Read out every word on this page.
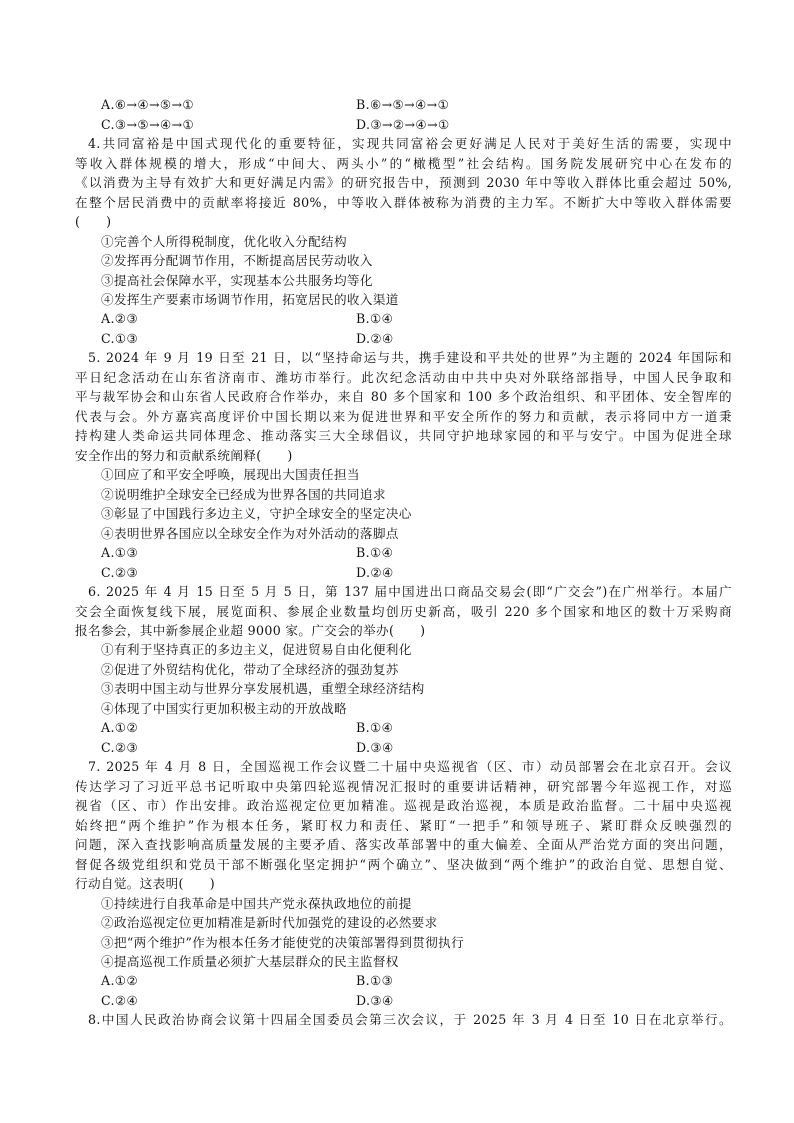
A.⑥→④→⑤→①	B.⑥→⑤→④→①
C.③→⑤→④→①	D.③→②→④→①
4.共同富裕是中国式现代化的重要特征，实现共同富裕会更好满足人民对于美好生活的需要，实现中
等收入群体规模的增大，形成“中间大、两头小”的“橄榄型”社会结构。国务院发展研究中心在发布的
《以消费为主导有效扩大和更好满足内需》的研究报告中，预测到 2030 年中等收入群体比重会超过 50%,
在整个居民消费中的贡献率将接近 80%，中等收入群体被称为消费的主力军。不断扩大中等收入群体需要
(　　)
①完善个人所得税制度，优化收入分配结构
②发挥再分配调节作用，不断提高居民劳动收入
③提高社会保障水平，实现基本公共服务均等化
④发挥生产要素市场调节作用，拓宽居民的收入渠道
A.②③	B.①④
C.①③	D.②④
5. 2024 年 9 月 19 日至 21 日，以“坚持命运与共，携手建设和平共处的世界”为主题的 2024 年国际和
平日纪念活动在山东省济南市、潍坊市举行。此次纪念活动由中共中央对外联络部指导，中国人民争取和
平与裁军协会和山东省人民政府合作举办，来自 80 多个国家和 100 多个政治组织、和平团体、安全智库的
代表与会。外方嘉宾高度评价中国长期以来为促进世界和平安全所作的努力和贡献，表示将同中方一道秉
持构建人类命运共同体理念、推动落实三大全球倡议，共同守护地球家园的和平与安宁。中国为促进全球
安全作出的努力和贡献系统阐释(　　)
①回应了和平安全呼唤，展现出大国责任担当
②说明维护全球安全已经成为世界各国的共同追求
③彰显了中国践行多边主义，守护全球安全的坚定决心
④表明世界各国应以全球安全作为对外活动的落脚点
A.①③	B.①④
C.②③	D.②④
6. 2025 年 4 月 15 日至 5 月 5 日，第 137 届中国进出口商品交易会(即“广交会”)在广州举行。本届广
交会全面恢复线下展，展览面积、参展企业数量均创历史新高，吸引 220 多个国家和地区的数十万采购商
报名参会，其中新参展企业超 9000 家。广交会的举办(　　)
①有利于坚持真正的多边主义，促进贸易自由化便利化
②促进了外贸结构优化，带动了全球经济的强劲复苏
③表明中国主动与世界分享发展机遇，重塑全球经济结构
④体现了中国实行更加积极主动的开放战略
A.①②	B.①④
C.②③	D.③④
7. 2025 年 4 月 8 日，全国巡视工作会议暨二十届中央巡视省（区、市）动员部署会在北京召开。会议
传达学习了习近平总书记听取中央第四轮巡视情况汇报时的重要讲话精神，研究部署今年巡视工作，对巡
视省（区、市）作出安排。政治巡视定位更加精准。巡视是政治巡视，本质是政治监督。二十届中央巡视
始终把“两个维护”作为根本任务，紧盯权力和责任、紧盯“一把手”和领导班子、紧盯群众反映强烈的
问题，深入查找影响高质量发展的主要矛盾、落实改革部署中的重大偏差、全面从严治党方面的突出问题，
督促各级党组织和党员干部不断强化坚定拥护“两个确立”、坚决做到“两个维护”的政治自觉、思想自觉、
行动自觉。这表明(　　)
①持续进行自我革命是中国共产党永葆执政地位的前提
②政治巡视定位更加精准是新时代加强党的建设的必然要求
③把“两个维护”作为根本任务才能使党的决策部署得到贯彻执行
④提高巡视工作质量必须扩大基层群众的民主监督权
A.①②	B.①③
C.②④	D.③④
8.中国人民政治协商会议第十四届全国委员会第三次会议，于 2025 年 3 月 4 日至 10 日在北京举行。
